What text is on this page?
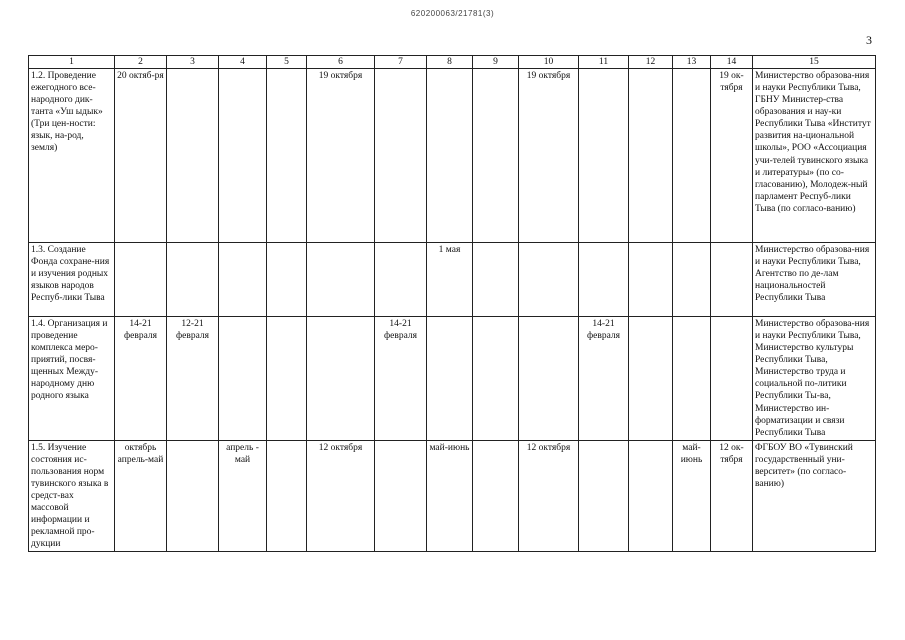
620200063/21781(3)
3
1	2	3	4	5	6	7	8	9	10	11	12	13	14	15
1.2. Проведение ежегодного все-народного дик-танта «Уш ыдык» (Три цен-ности: язык, на-род, земля)	20 октяб-ря				19 октября				19 октября				19 ок-тября	Министерство образова-ния и науки Республики Тыва, ГБНУ Министер-ства образования и нау-ки Республики Тыва «Институт развития на-циональной школы», РОО «Ассоциация учи-телей тувинского языка и литературы» (по со-гласованию), Молодеж-ный парламент Респуб-лики Тыва (по согласо-ванию)
1.3. Создание Фонда сохране-ния и изучения родных языков народов Респуб-лики Тыва							1 мая							Министерство образова-ния и науки Республики Тыва, Агентство по де-лам национальностей Республики Тыва
1.4. Организация и проведение комплекса меро-приятий, посвя-щенных Между-народному дню родного языка	14-21 февраля	12-21 февраля				14-21 февраля				14-21 февраля				Министерство образова-ния и науки Республики Тыва, Министерство культуры Республики Тыва, Министерство труда и социальной по-литики Республики Ты-ва, Министерство ин-форматизации и связи Республики Тыва
1.5. Изучение состояния ис-пользования норм тувинского языка в средст-вах массовой информации и рекламной про-дукции	октябрь апрель-май		апрель - май		12 октября		май-июнь		12 октября			май-июнь	12 ок-тября	ФГБОУ ВО «Тувинский государственный уни-верситет» (по согласо-ванию)
